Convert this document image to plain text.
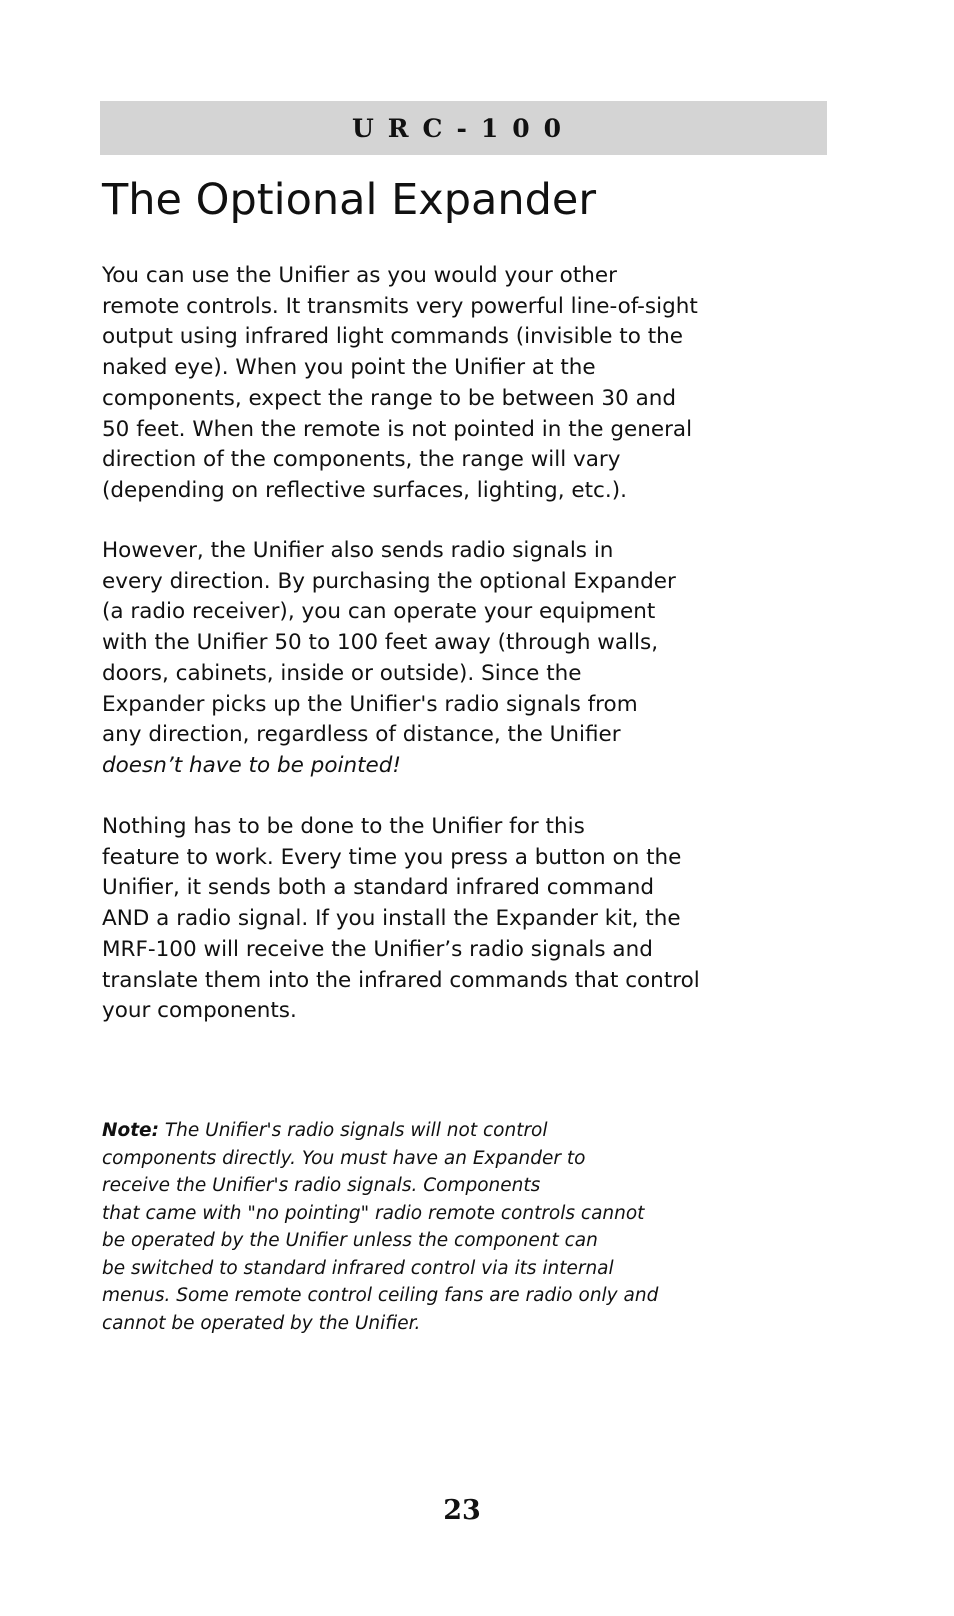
URC-100
The Optional Expander

You can use the Unifier as you would your other
remote controls. It transmits very powerful line-of-sight
output using infrared light commands (invisible to the
naked eye). When you point the Unifier at the
components, expect the range to be between 30 and
50 feet. When the remote is not pointed in the general
direction of the components, the range will vary
(depending on reflective surfaces, lighting, etc.).

However, the Unifier also sends radio signals in
every direction. By purchasing the optional Expander
(a radio receiver), you can operate your equipment
with the Unifier 50 to 100 feet away (through walls,
doors, cabinets, inside or outside). Since the
Expander picks up the Unifier's radio signals from
any direction, regardless of distance, the Unifier
doesn’t have to be pointed!

Nothing has to be done to the Unifier for this
feature to work. Every time you press a button on the
Unifier, it sends both a standard infrared command
AND a radio signal. If you install the Expander kit, the
MRF-100 will receive the Unifier’s radio signals and
translate them into the infrared commands that control
your components.

Note: The Unifier's radio signals will not control
components directly. You must have an Expander to
receive the Unifier's radio signals. Components
that came with "no pointing" radio remote controls cannot
be operated by the Unifier unless the component can
be switched to standard infrared control via its internal
menus. Some remote control ceiling fans are radio only and
cannot be operated by the Unifier.

23
